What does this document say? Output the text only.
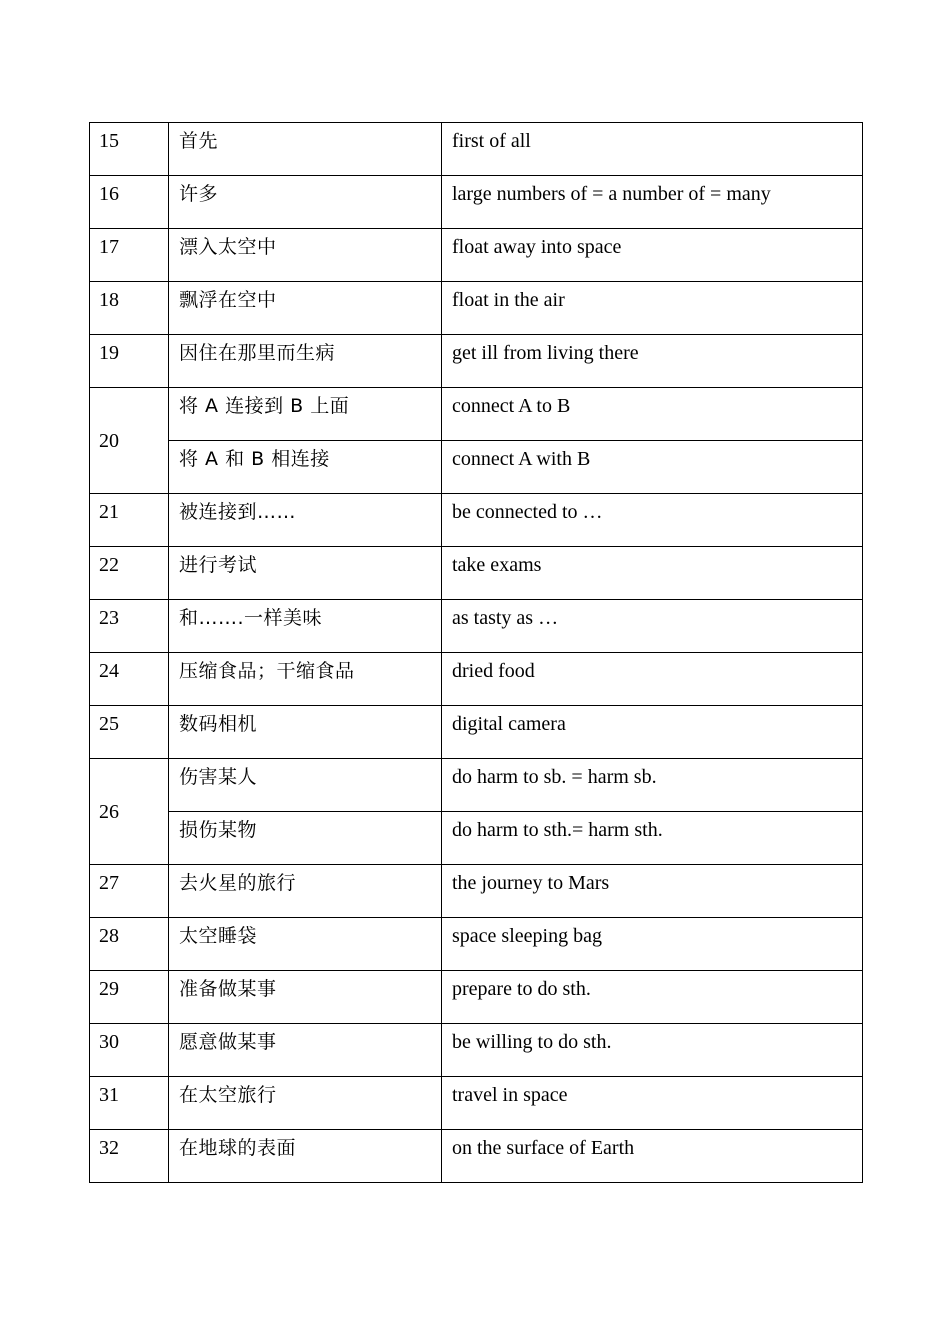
15	首先	first of all

16	许多	large numbers of = a number of = many

17	漂入太空中	float away into space

18	飘浮在空中	float in the air

19	因住在那里而生病	get ill from living there

20	将 A 连接到 B 上面	connect A to B

	将 A 和 B 相连接	connect A with B

21	被连接到……	be connected to …

22	进行考试	take exams

23	和…….一样美味	as tasty as …

24	压缩食品；干缩食品	dried food

25	数码相机	digital camera

26	伤害某人	do harm to sb. = harm sb.

	损伤某物	do harm to sth.= harm sth.

27	去火星的旅行	the journey to Mars

28	太空睡袋	space sleeping bag

29	准备做某事	prepare to do sth.

30	愿意做某事	be willing to do sth.

31	在太空旅行	travel in space

32	在地球的表面	on the surface of Earth
